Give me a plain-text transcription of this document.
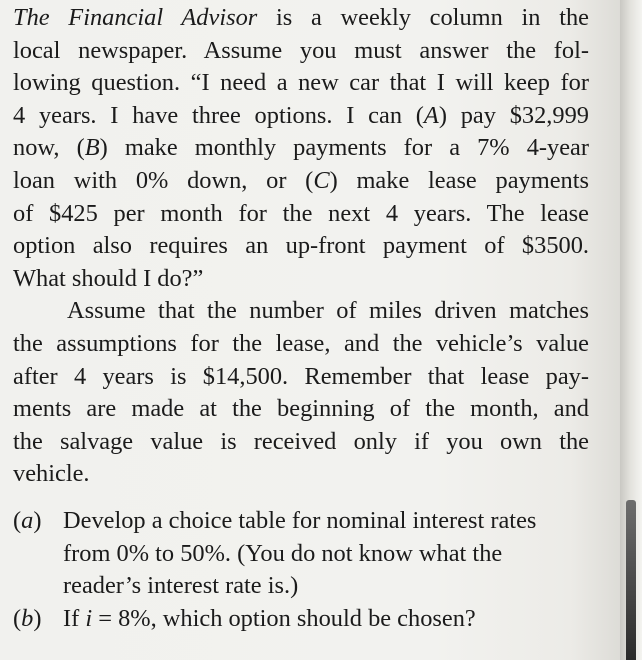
The Financial Advisor is a weekly column in the
local newspaper. Assume you must answer the fol-
lowing question. “I need a new car that I will keep for
4 years. I have three options. I can (A) pay $32,999
now, (B) make monthly payments for a 7% 4-year
loan with 0% down, or (C) make lease payments
of $425 per month for the next 4 years. The lease
option also requires an up-front payment of $3500.
What should I do?”
Assume that the number of miles driven matches
the assumptions for the lease, and the vehicle’s value
after 4 years is $14,500. Remember that lease pay-
ments are made at the beginning of the month, and
the salvage value is received only if you own the
vehicle.
(a) Develop a choice table for nominal interest rates
from 0% to 50%. (You do not know what the
reader’s interest rate is.)
(b) If i = 8%, which option should be chosen?
